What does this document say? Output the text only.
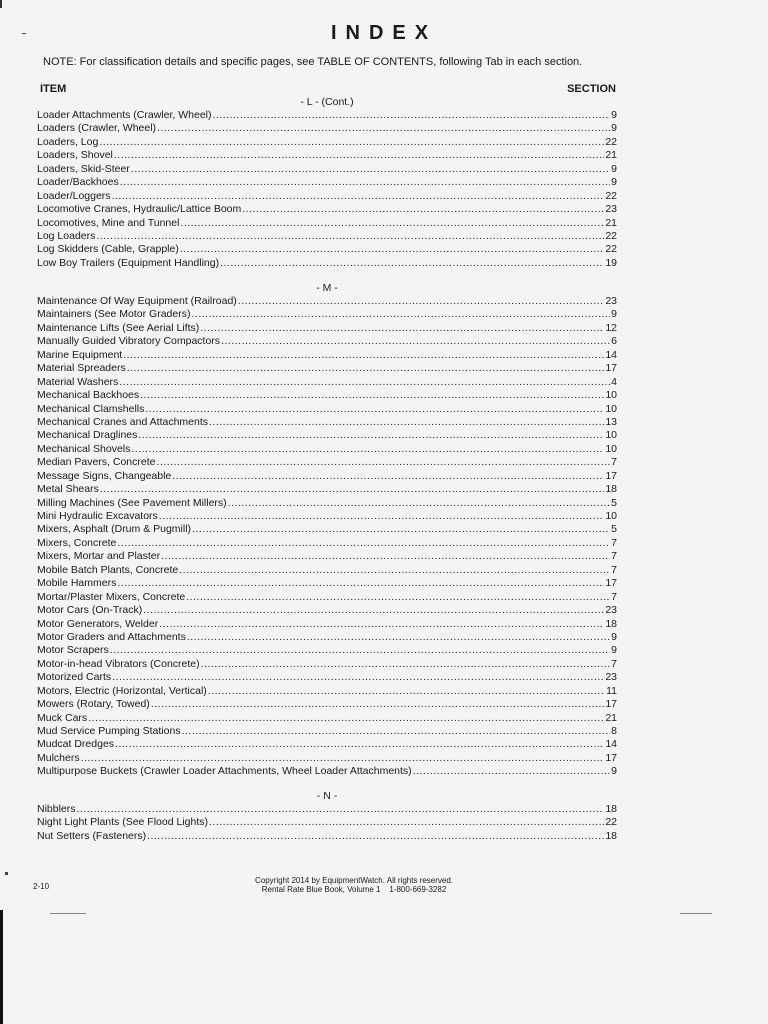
INDEX
NOTE: For classification details and specific pages, see TABLE OF CONTENTS, following Tab in each section.
ITEM	SECTION
- L - (Cont.)
Loader Attachments (Crawler, Wheel) .....	9
Loaders (Crawler, Wheel) .....	9
Loaders, Log .....	22
Loaders, Shovel .....	21
Loaders, Skid-Steer .....	9
Loader/Backhoes .....	9
Loader/Loggers .....	22
Locomotive Cranes, Hydraulic/Lattice Boom .....	23
Locomotives, Mine and Tunnel .....	21
Log Loaders .....	22
Log Skidders (Cable, Grapple) .....	22
Low Boy Trailers (Equipment Handling) .....	19
- M -
Maintenance Of Way Equipment (Railroad) .....	23
Maintainers (See Motor Graders) .....	9
Maintenance Lifts (See Aerial Lifts) .....	12
Manually Guided Vibratory Compactors .....	6
Marine Equipment .....	14
Material Spreaders .....	17
Material Washers .....	4
Mechanical Backhoes .....	10
Mechanical Clamshells .....	10
Mechanical Cranes and Attachments .....	13
Mechanical Draglines .....	10
Mechanical Shovels .....	10
Median Pavers, Concrete .....	7
Message Signs, Changeable .....	17
Metal Shears .....	18
Milling Machines (See Pavement Millers) .....	5
Mini Hydraulic Excavators .....	10
Mixers, Asphalt (Drum & Pugmill) .....	5
Mixers, Concrete .....	7
Mixers, Mortar and Plaster .....	7
Mobile Batch Plants, Concrete .....	7
Mobile Hammers .....	17
Mortar/Plaster Mixers, Concrete .....	7
Motor Cars (On-Track) .....	23
Motor Generators, Welder .....	18
Motor Graders and Attachments .....	9
Motor Scrapers .....	9
Motor-in-head Vibrators (Concrete) .....	7
Motorized Carts .....	23
Motors, Electric (Horizontal, Vertical) .....	11
Mowers (Rotary, Towed) .....	17
Muck Cars .....	21
Mud Service Pumping Stations .....	8
Mudcat Dredges .....	14
Mulchers .....	17
Multipurpose Buckets (Crawler Loader Attachments, Wheel Loader Attachments) .....	9
- N -
Nibblers .....	18
Night Light Plants (See Flood Lights) .....	22
Nut Setters (Fasteners) .....	18
Copyright 2014 by EquipmentWatch. All rights reserved.
Rental Rate Blue Book, Volume 1    1-800-669-3282
2-10
